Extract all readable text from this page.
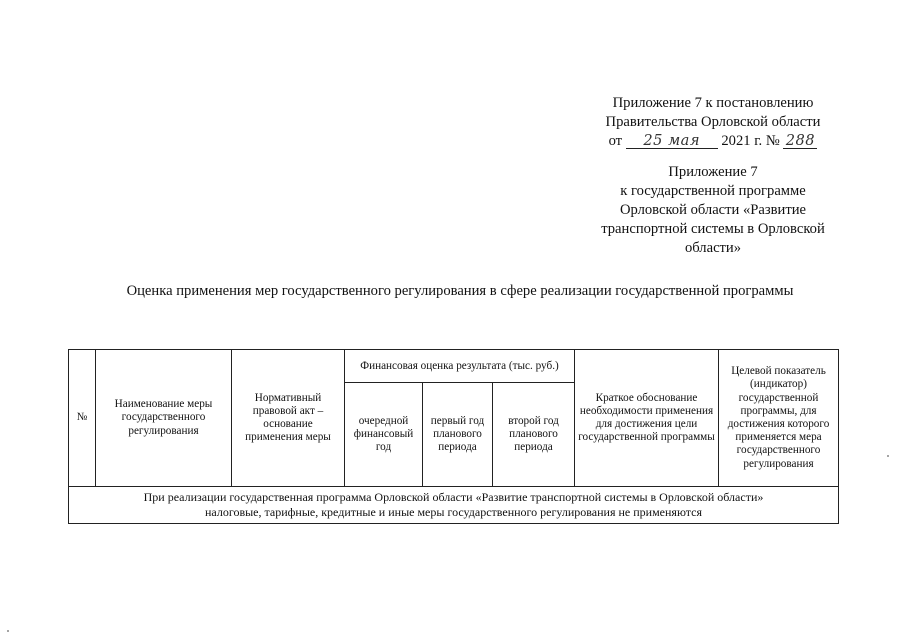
Приложение 7 к постановлению
Правительства Орловской области
от 25 мая 2021 г. № 288
Приложение 7
к государственной программе
Орловской области «Развитие
транспортной системы в Орловской
области»
Оценка применения мер государственного регулирования в сфере реализации государственной программы
№	Наименование меры государственного регулирования	Нормативный правовой акт – основание применения меры	Финансовая оценка результата (тыс. руб.)			Краткое обоснование необходимости применения для достижения цели государственной программы	Целевой показатель (индикатор) государственной программы, для достижения которого применяется мера государственного регулирования
			очередной финансовый год	первый год планового периода	второй год планового периода		

При реализации государственная программа Орловской области «Развитие транспортной системы в Орловской области»
налоговые, тарифные, кредитные и иные меры государственного регулирования не применяются							
